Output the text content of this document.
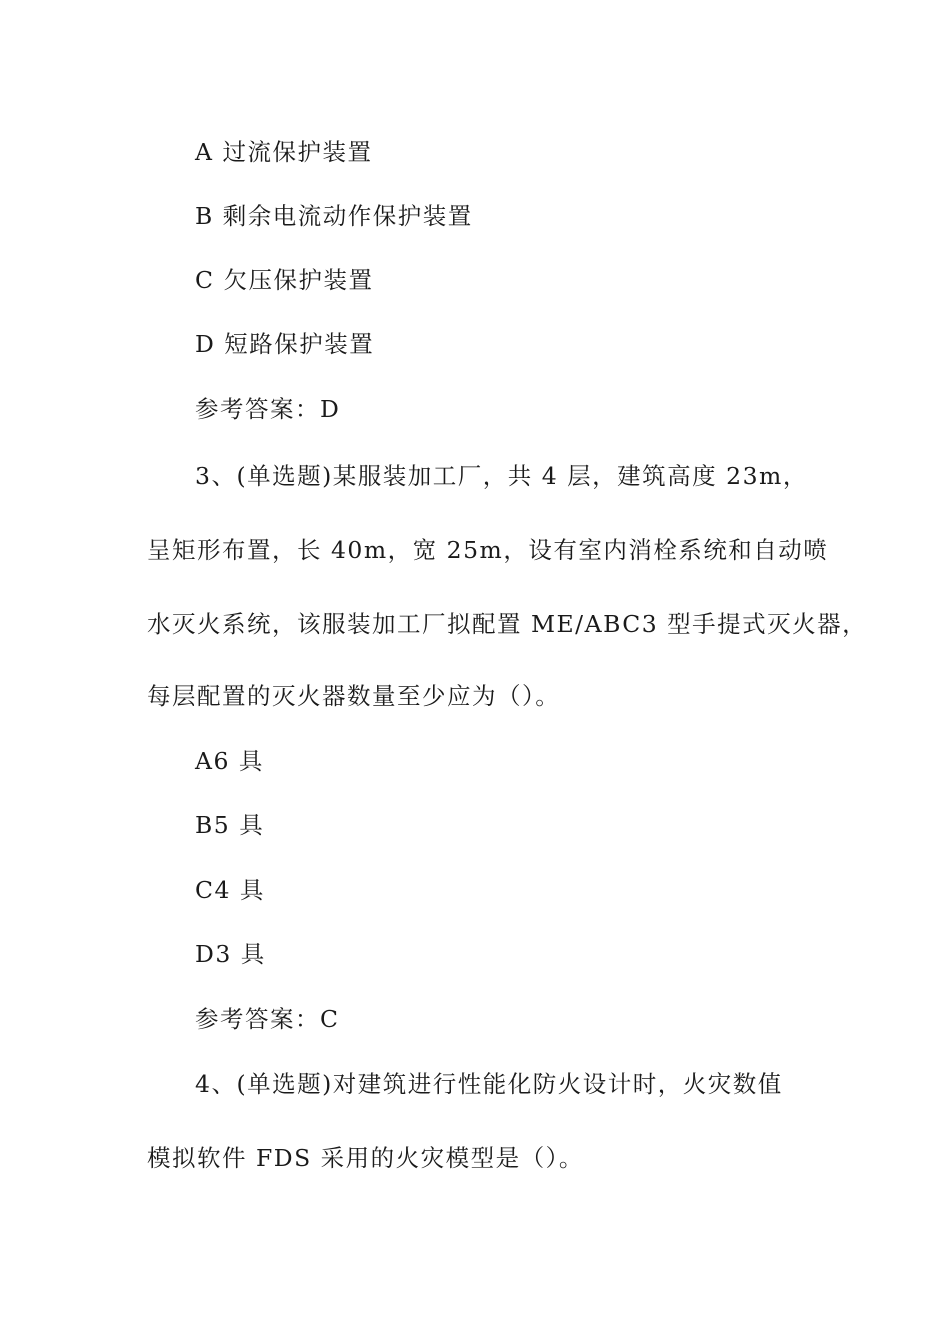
A 过流保护装置
B 剩余电流动作保护装置
C 欠压保护装置
D 短路保护装置
参考答案：D
3、(单选题)某服装加工厂，共 4 层，建筑高度 23m，
呈矩形布置，长 40m，宽 25m，设有室内消栓系统和自动喷
水灭火系统，该服装加工厂拟配置 ME/ABC3 型手提式灭火器，
每层配置的灭火器数量至少应为（）。
A6 具
B5 具
C4 具
D3 具
参考答案：C
4、(单选题)对建筑进行性能化防火设计时，火灾数值
模拟软件 FDS 采用的火灾模型是（）。
